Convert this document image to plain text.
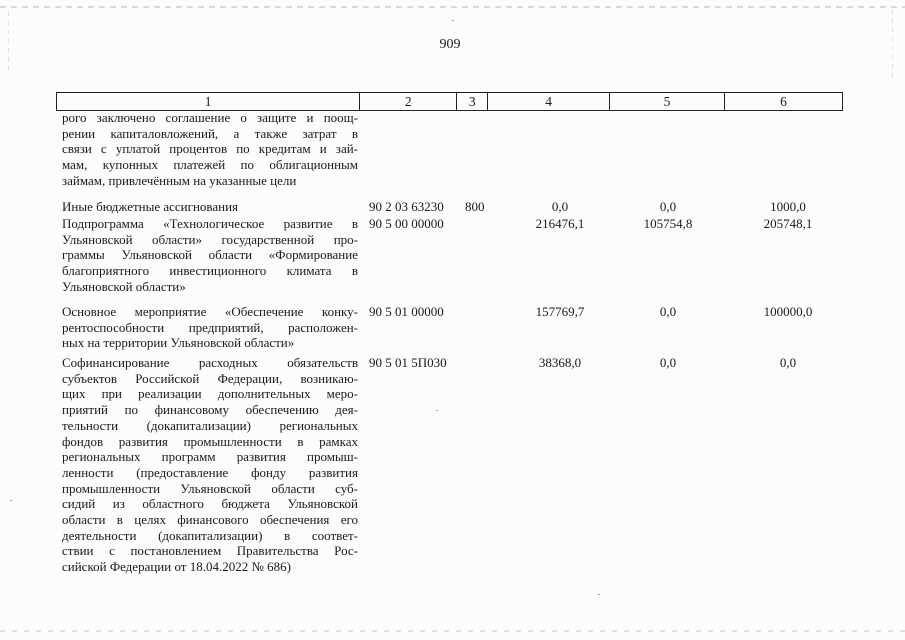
909
1	2	3	4	5	6
рого заключено соглашение о защите и поощ-
рении капиталовложений, а также затрат в
связи с уплатой процентов по кредитам и зай-
мам, купонных платежей по облигационным
займам, привлечённым на указанные цели
Иные бюджетные ассигнования	90 2 03 63230 800	0,0	0,0	1000,0
Подпрограмма «Технологическое развитие в
Ульяновской области» государственной про-
граммы Ульяновской области «Формирование
благоприятного инвестиционного климата в
Ульяновской области»
90 5 00 00000	216476,1	105754,8	205748,1
Основное мероприятие «Обеспечение конку-
рентоспособности предприятий, расположен-
ных на территории Ульяновской области»
90 5 01 00000	157769,7	0,0	100000,0
Софинансирование расходных обязательств
субъектов Российской Федерации, возникаю-
щих при реализации дополнительных меро-
приятий по финансовому обеспечению дея-
тельности (докапитализации) региональных
фондов развития промышленности в рамках
региональных программ развития промыш-
ленности (предоставление фонду развития
промышленности Ульяновской области суб-
сидий из областного бюджета Ульяновской
области в целях финансового обеспечения его
деятельности (докапитализации) в соответ-
ствии с постановлением Правительства Рос-
сийской Федерации от 18.04.2022 № 686)
90 5 01 5П030	38368,0	0,0	0,0
